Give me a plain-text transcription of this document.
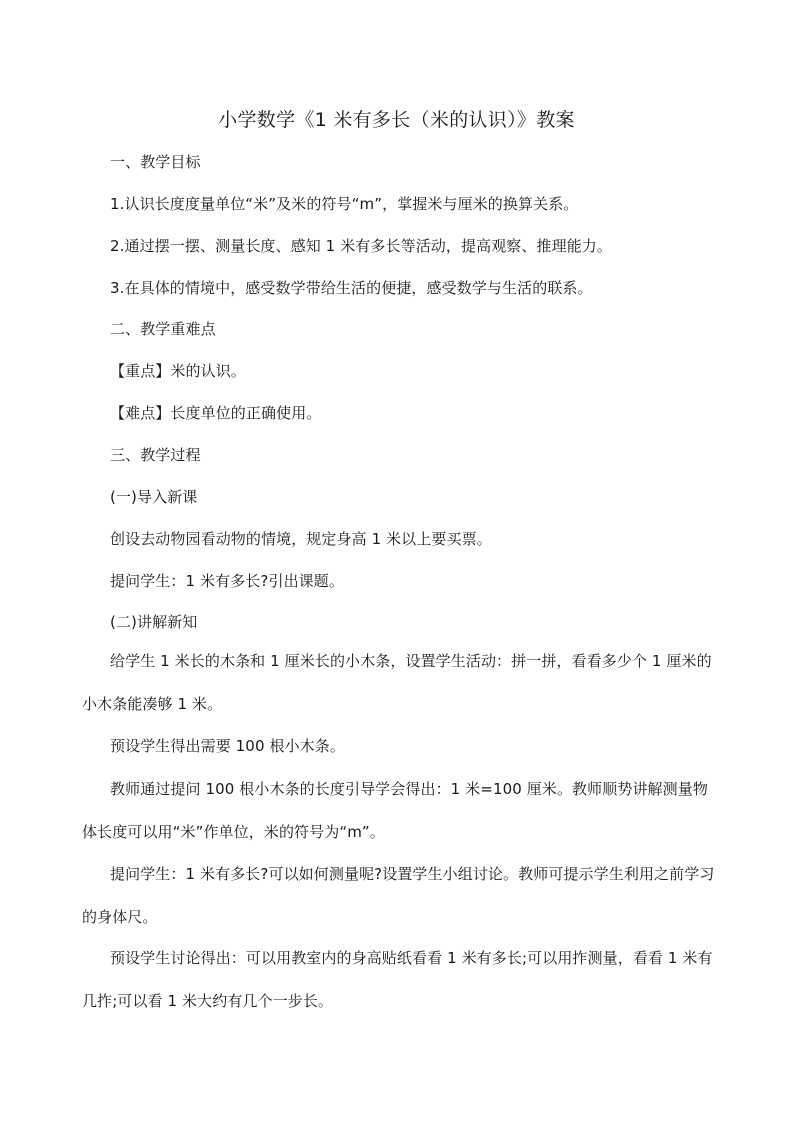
小学数学《1 米有多长（米的认识）》教案
一、教学目标
1.认识长度度量单位“米”及米的符号“m”，掌握米与厘米的换算关系。
2.通过摆一摆、测量长度、感知 1 米有多长等活动，提高观察、推理能力。
3.在具体的情境中，感受数学带给生活的便捷，感受数学与生活的联系。
二、教学重难点
【重点】米的认识。
【难点】长度单位的正确使用。
三、教学过程
(一)导入新课
创设去动物园看动物的情境，规定身高 1 米以上要买票。
提问学生：1 米有多长?引出课题。
(二)讲解新知
给学生 1 米长的木条和 1 厘米长的小木条，设置学生活动：拼一拼，看看多少个 1 厘米的小木条能凑够 1 米。
预设学生得出需要 100 根小木条。
教师通过提问 100 根小木条的长度引导学会得出：1 米=100 厘米。教师顺势讲解测量物体长度可以用“米”作单位，米的符号为“m”。
提问学生：1 米有多长?可以如何测量呢?设置学生小组讨论。教师可提示学生利用之前学习的身体尺。
预设学生讨论得出：可以用教室内的身高贴纸看看 1 米有多长;可以用拃测量，看看 1 米有几拃;可以看 1 米大约有几个一步长。
